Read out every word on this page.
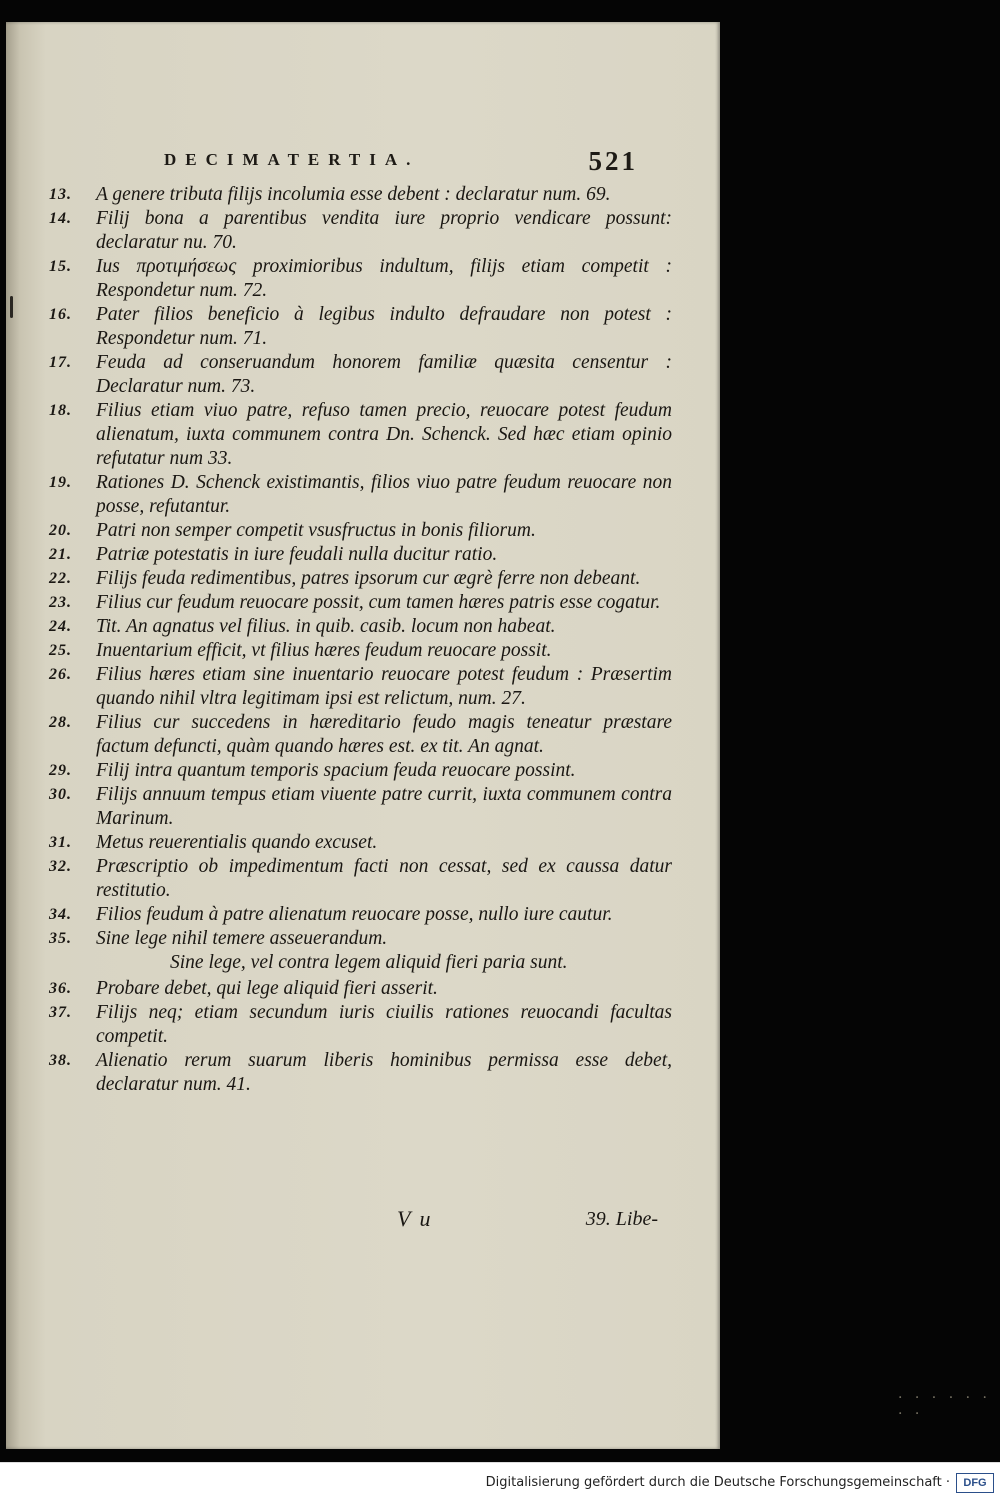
DECIMATERTIA.	521
13.	A genere tributa filijs incolumia esse debent : declaratur num. 69.
14.	Filij bona a parentibus vendita iure proprio vendicare possunt: declaratur nu. 70.
15.	Ius προτιμήσεως proximioribus indultum, filijs etiam competit : Respondetur num. 72.
16.	Pater filios beneficio à legibus indulto defraudare non potest : Respondetur num. 71.
17.	Feuda ad conseruandum honorem familiæ quæsita censentur : Declaratur num. 73.
18.	Filius etiam viuo patre, refuso tamen precio, reuocare potest feudum alienatum, iuxta communem contra Dn. Schenck. Sed hæc etiam opinio refutatur num 33.
19.	Rationes D. Schenck existimantis, filios viuo patre feudum reuocare non posse, refutantur.
20.	Patri non semper competit vsusfructus in bonis filiorum.
21.	Patriæ potestatis in iure feudali nulla ducitur ratio.
22.	Filijs feuda redimentibus, patres ipsorum cur ægrè ferre non debeant.
23.	Filius cur feudum reuocare possit, cum tamen hæres patris esse cogatur.
24.	Tit. An agnatus vel filius. in quib. casib. locum non habeat.
25.	Inuentarium efficit, vt filius hæres feudum reuocare possit.
26.	Filius hæres etiam sine inuentario reuocare potest feudum : Præsertim quando nihil vltra legitimam ipsi est relictum, num. 27.
28.	Filius cur succedens in hæreditario feudo magis teneatur præstare factum defuncti, quàm quando hæres est. ex tit. An agnat.
29.	Filij intra quantum temporis spacium feuda reuocare possint.
30.	Filijs annuum tempus etiam viuente patre currit, iuxta communem contra Marinum.
31.	Metus reuerentialis quando excuset.
32.	Præscriptio ob impedimentum facti non cessat, sed ex caussa datur restitutio.
34.	Filios feudum à patre alienatum reuocare posse, nullo iure cautur.
35.	Sine lege nihil temere asseuerandum.
Sine lege, vel contra legem aliquid fieri paria sunt.
36.	Probare debet, qui lege aliquid fieri asserit.
37.	Filijs neq; etiam secundum iuris ciuilis rationes reuocandi facultas competit.
38.	Alienatio rerum suarum liberis hominibus permissa esse debet, declaratur num. 41.
V u	39. Libe-
· · · · · · · ·
Digitalisierung gefördert durch die Deutsche Forschungsgemeinschaft ·	DFG
